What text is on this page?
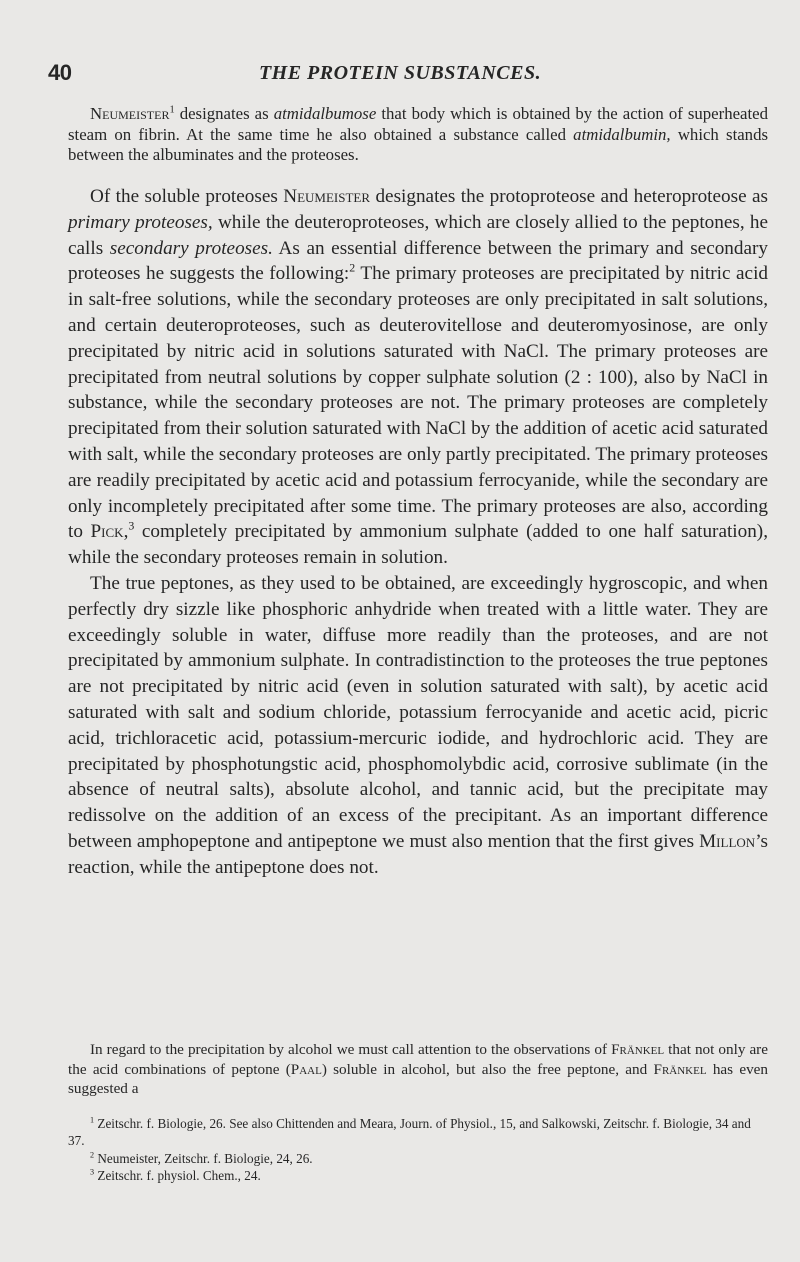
40	THE PROTEIN SUBSTANCES.

Neumeister$^1$ designates as atmidalbumose that body which is obtained by the action of superheated steam on fibrin. At the same time he also obtained a substance called atmidalbumin, which stands between the albuminates and the proteoses.

Of the soluble proteoses Neumeister designates the protoproteose and heteroproteose as primary proteoses, while the deuteroproteoses, which are closely allied to the peptones, he calls secondary proteoses. As an essential difference between the primary and secondary proteoses he suggests the following:$^2$ The primary proteoses are precipitated by nitric acid in salt-free solutions, while the secondary proteoses are only precipitated in salt solutions, and certain deuteroproteoses, such as deuterovitellose and deuteromyosinose, are only precipitated by nitric acid in solutions saturated with NaCl. The primary proteoses are precipitated from neutral solutions by copper sulphate solution (2 : 100), also by NaCl in substance, while the secondary proteoses are not. The primary proteoses are completely precipitated from their solution saturated with NaCl by the addition of acetic acid saturated with salt, while the secondary proteoses are only partly precipitated. The primary proteoses are readily precipitated by acetic acid and potassium ferrocyanide, while the secondary are only incompletely precipitated after some time. The primary proteoses are also, according to Pick,$^3$ completely precipitated by ammonium sulphate (added to one half saturation), while the secondary proteoses remain in solution.

The true peptones, as they used to be obtained, are exceedingly hygroscopic, and when perfectly dry sizzle like phosphoric anhydride when treated with a little water. They are exceedingly soluble in water, diffuse more readily than the proteoses, and are not precipitated by ammonium sulphate. In contradistinction to the proteoses the true peptones are not precipitated by nitric acid (even in solution saturated with salt), by acetic acid saturated with salt and sodium chloride, potassium ferrocyanide and acetic acid, picric acid, trichloracetic acid, potassium-mercuric iodide, and hydrochloric acid. They are precipitated by phosphotungstic acid, phosphomolybdic acid, corrosive sublimate (in the absence of neutral salts), absolute alcohol, and tannic acid, but the precipitate may redissolve on the addition of an excess of the precipitant. As an important difference between amphopeptone and antipeptone we must also mention that the first gives Millon’s reaction, while the antipeptone does not.

In regard to the precipitation by alcohol we must call attention to the observations of Fränkel that not only are the acid combinations of peptone (Paal) soluble in alcohol, but also the free peptone, and Fränkel has even suggested a

$^1$ Zeitschr. f. Biologie, 26. See also Chittenden and Meara, Journ. of Physiol., 15, and Salkowski, Zeitschr. f. Biologie, 34 and 37.

$^2$ Neumeister, Zeitschr. f. Biologie, 24, 26.

$^3$ Zeitschr. f. physiol. Chem., 24.
